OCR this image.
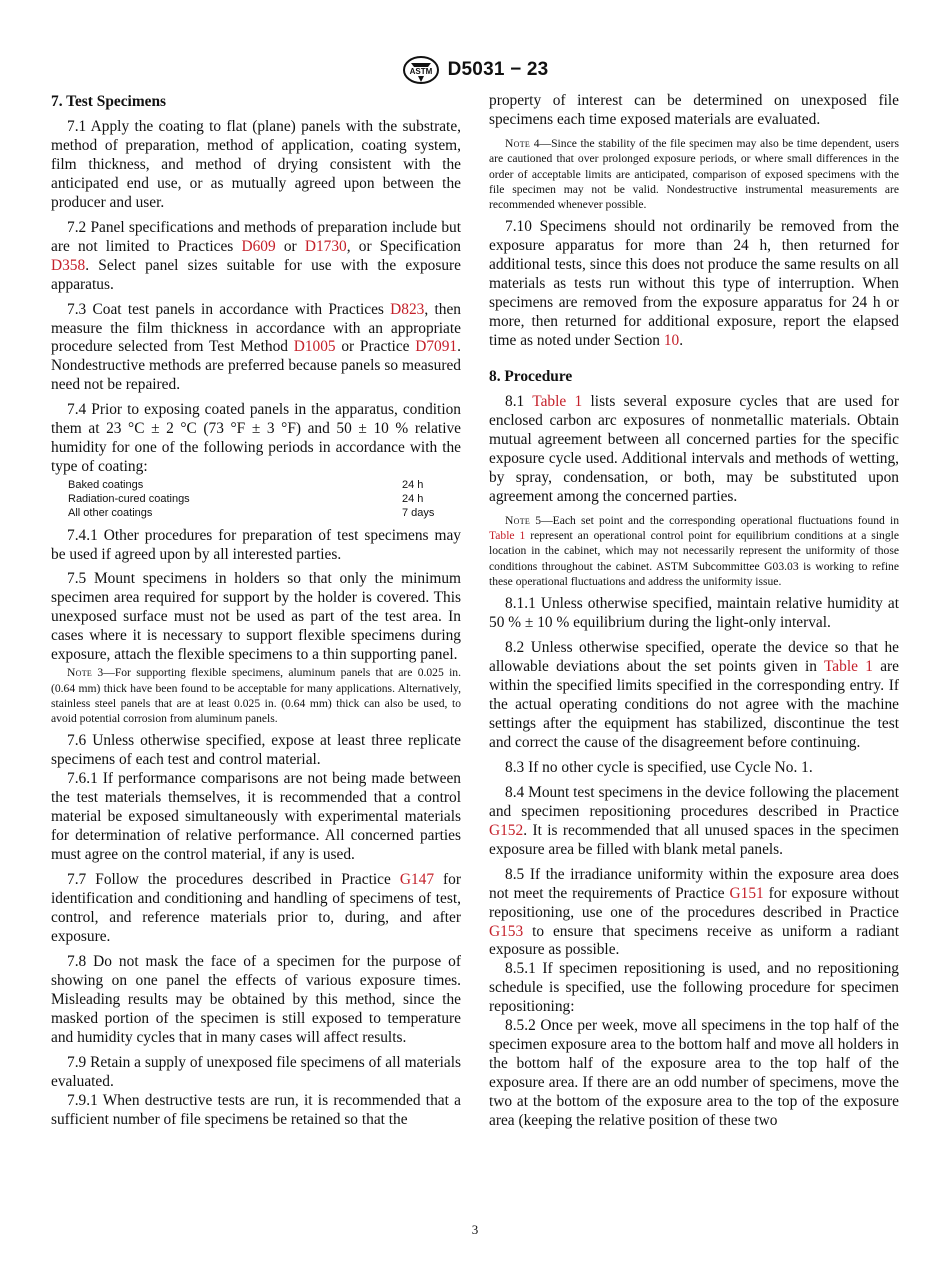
ASTM D5031 − 23
7. Test Specimens

7.1 Apply the coating to flat (plane) panels with the substrate, method of preparation, method of application, coating system, film thickness, and method of drying consistent with the anticipated end use, or as mutually agreed upon between the producer and user.

7.2 Panel specifications and methods of preparation include but are not limited to Practices D609 or D1730, or Specification D358. Select panel sizes suitable for use with the exposure apparatus.

7.3 Coat test panels in accordance with Practices D823, then measure the film thickness in accordance with an appropriate procedure selected from Test Method D1005 or Practice D7091. Nondestructive methods are preferred because panels so measured need not be repaired.

7.4 Prior to exposing coated panels in the apparatus, condition them at 23 °C ± 2 °C (73 °F ± 3 °F) and 50 ± 10 % relative humidity for one of the following periods in accordance with the type of coating:

Baked coatings	24 h
Radiation-cured coatings	24 h
All other coatings	7 days

7.4.1 Other procedures for preparation of test specimens may be used if agreed upon by all interested parties.

7.5 Mount specimens in holders so that only the minimum specimen area required for support by the holder is covered. This unexposed surface must not be used as part of the test area. In cases where it is necessary to support flexible specimens during exposure, attach the flexible specimens to a thin supporting panel.

Note 3—For supporting flexible specimens, aluminum panels that are 0.025 in. (0.64 mm) thick have been found to be acceptable for many applications. Alternatively, stainless steel panels that are at least 0.025 in. (0.64 mm) thick can also be used, to avoid potential corrosion from aluminum panels.

7.6 Unless otherwise specified, expose at least three replicate specimens of each test and control material.

7.6.1 If performance comparisons are not being made between the test materials themselves, it is recommended that a control material be exposed simultaneously with experimental materials for determination of relative performance. All concerned parties must agree on the control material, if any is used.

7.7 Follow the procedures described in Practice G147 for identification and conditioning and handling of specimens of test, control, and reference materials prior to, during, and after exposure.

7.8 Do not mask the face of a specimen for the purpose of showing on one panel the effects of various exposure times. Misleading results may be obtained by this method, since the masked portion of the specimen is still exposed to temperature and humidity cycles that in many cases will affect results.

7.9 Retain a supply of unexposed file specimens of all materials evaluated.

7.9.1 When destructive tests are run, it is recommended that a sufficient number of file specimens be retained so that the

property of interest can be determined on unexposed file specimens each time exposed materials are evaluated.

Note 4—Since the stability of the file specimen may also be time dependent, users are cautioned that over prolonged exposure periods, or where small differences in the order of acceptable limits are anticipated, comparison of exposed specimens with the file specimen may not be valid. Nondestructive instrumental measurements are recommended whenever possible.

7.10 Specimens should not ordinarily be removed from the exposure apparatus for more than 24 h, then returned for additional tests, since this does not produce the same results on all materials as tests run without this type of interruption. When specimens are removed from the exposure apparatus for 24 h or more, then returned for additional exposure, report the elapsed time as noted under Section 10.

8. Procedure

8.1 Table 1 lists several exposure cycles that are used for enclosed carbon arc exposures of nonmetallic materials. Obtain mutual agreement between all concerned parties for the specific exposure cycle used. Additional intervals and methods of wetting, by spray, condensation, or both, may be substituted upon agreement among the concerned parties.

Note 5—Each set point and the corresponding operational fluctuations found in Table 1 represent an operational control point for equilibrium conditions at a single location in the cabinet, which may not necessarily represent the uniformity of those conditions throughout the cabinet. ASTM Subcommittee G03.03 is working to refine these operational fluctuations and address the uniformity issue.

8.1.1 Unless otherwise specified, maintain relative humidity at 50 % ± 10 % equilibrium during the light-only interval.

8.2 Unless otherwise specified, operate the device so that he allowable deviations about the set points given in Table 1 are within the specified limits specified in the corresponding entry. If the actual operating conditions do not agree with the machine settings after the equipment has stabilized, discontinue the test and correct the cause of the disagreement before continuing.

8.3 If no other cycle is specified, use Cycle No. 1.

8.4 Mount test specimens in the device following the placement and specimen repositioning procedures described in Practice G152. It is recommended that all unused spaces in the specimen exposure area be filled with blank metal panels.

8.5 If the irradiance uniformity within the exposure area does not meet the requirements of Practice G151 for exposure without repositioning, use one of the procedures described in Practice G153 to ensure that specimens receive as uniform a radiant exposure as possible.

8.5.1 If specimen repositioning is used, and no repositioning schedule is specified, use the following procedure for specimen repositioning:

8.5.2 Once per week, move all specimens in the top half of the specimen exposure area to the bottom half and move all holders in the bottom half of the exposure area to the top half of the exposure area. If there are an odd number of specimens, move the two at the bottom of the exposure area to the top of the exposure area (keeping the relative position of these two

3
